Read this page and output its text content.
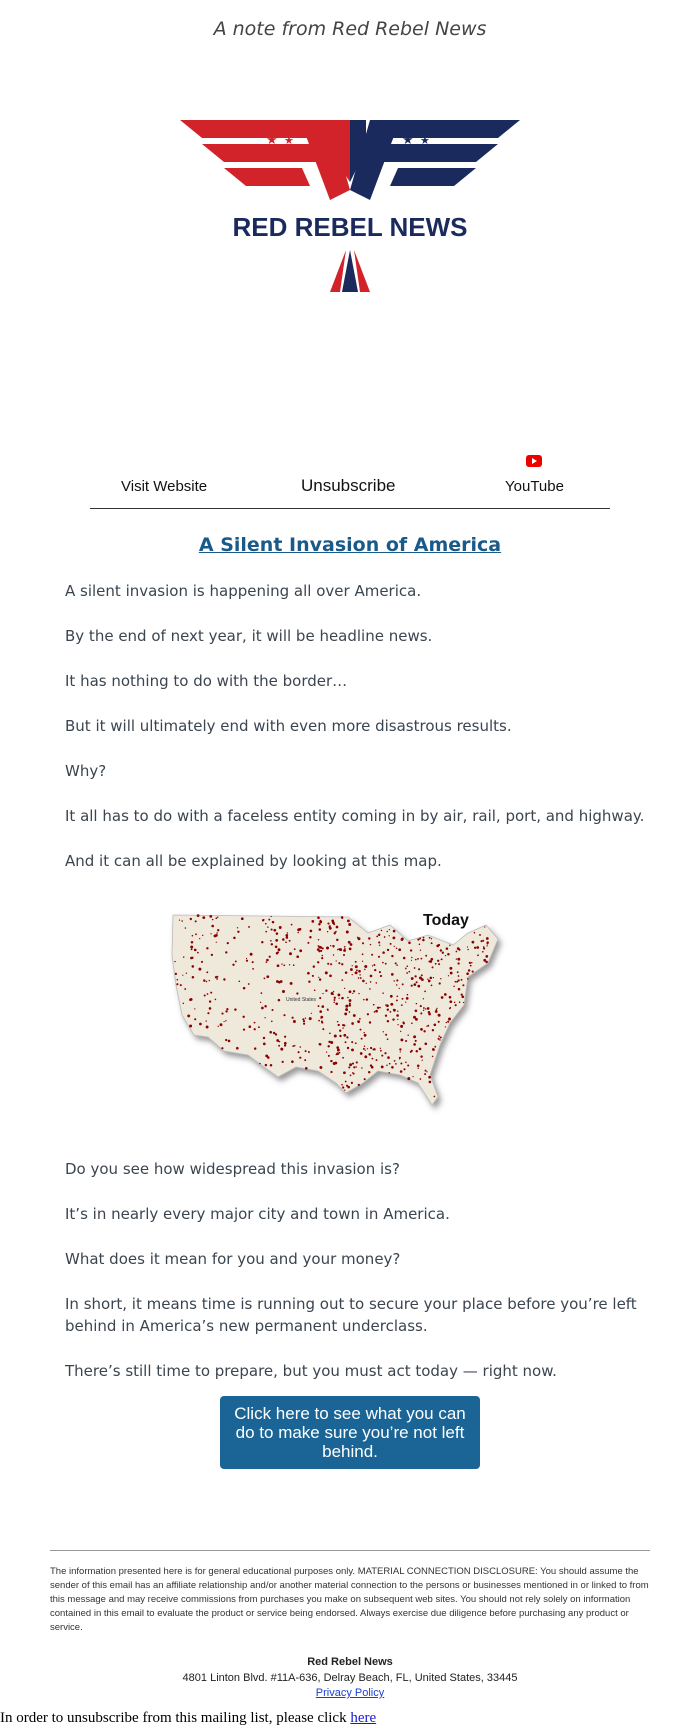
A note from Red Rebel News
★ ★	★ ★
RED REBEL NEWS
Visit Website	Unsubscribe	YouTube
A Silent Invasion of America
A silent invasion is happening all over America.
By the end of next year, it will be headline news.
It has nothing to do with the border…
But it will ultimately end with even more disastrous results.
Why?
It all has to do with a faceless entity coming in by air, rail, port, and highway.
And it can all be explained by looking at this map.
Today
United States
Do you see how widespread this invasion is?
It’s in nearly every major city and town in America.
What does it mean for you and your money?
In short, it means time is running out to secure your place before you’re left behind in America’s new permanent underclass.
There’s still time to prepare, but you must act today — right now.
Click here to see what you can do to make sure you’re not left behind.
The information presented here is for general educational purposes only. MATERIAL CONNECTION DISCLOSURE: You should assume the sender of this email has an affiliate relationship and/or another material connection to the persons or businesses mentioned in or linked to from this message and may receive commissions from purchases you make on subsequent web sites. You should not rely solely on information contained in this email to evaluate the product or service being endorsed. Always exercise due diligence before purchasing any product or service.
Red Rebel News
4801 Linton Blvd. #11A-636, Delray Beach, FL, United States, 33445
Privacy Policy
In order to unsubscribe from this mailing list, please click here
